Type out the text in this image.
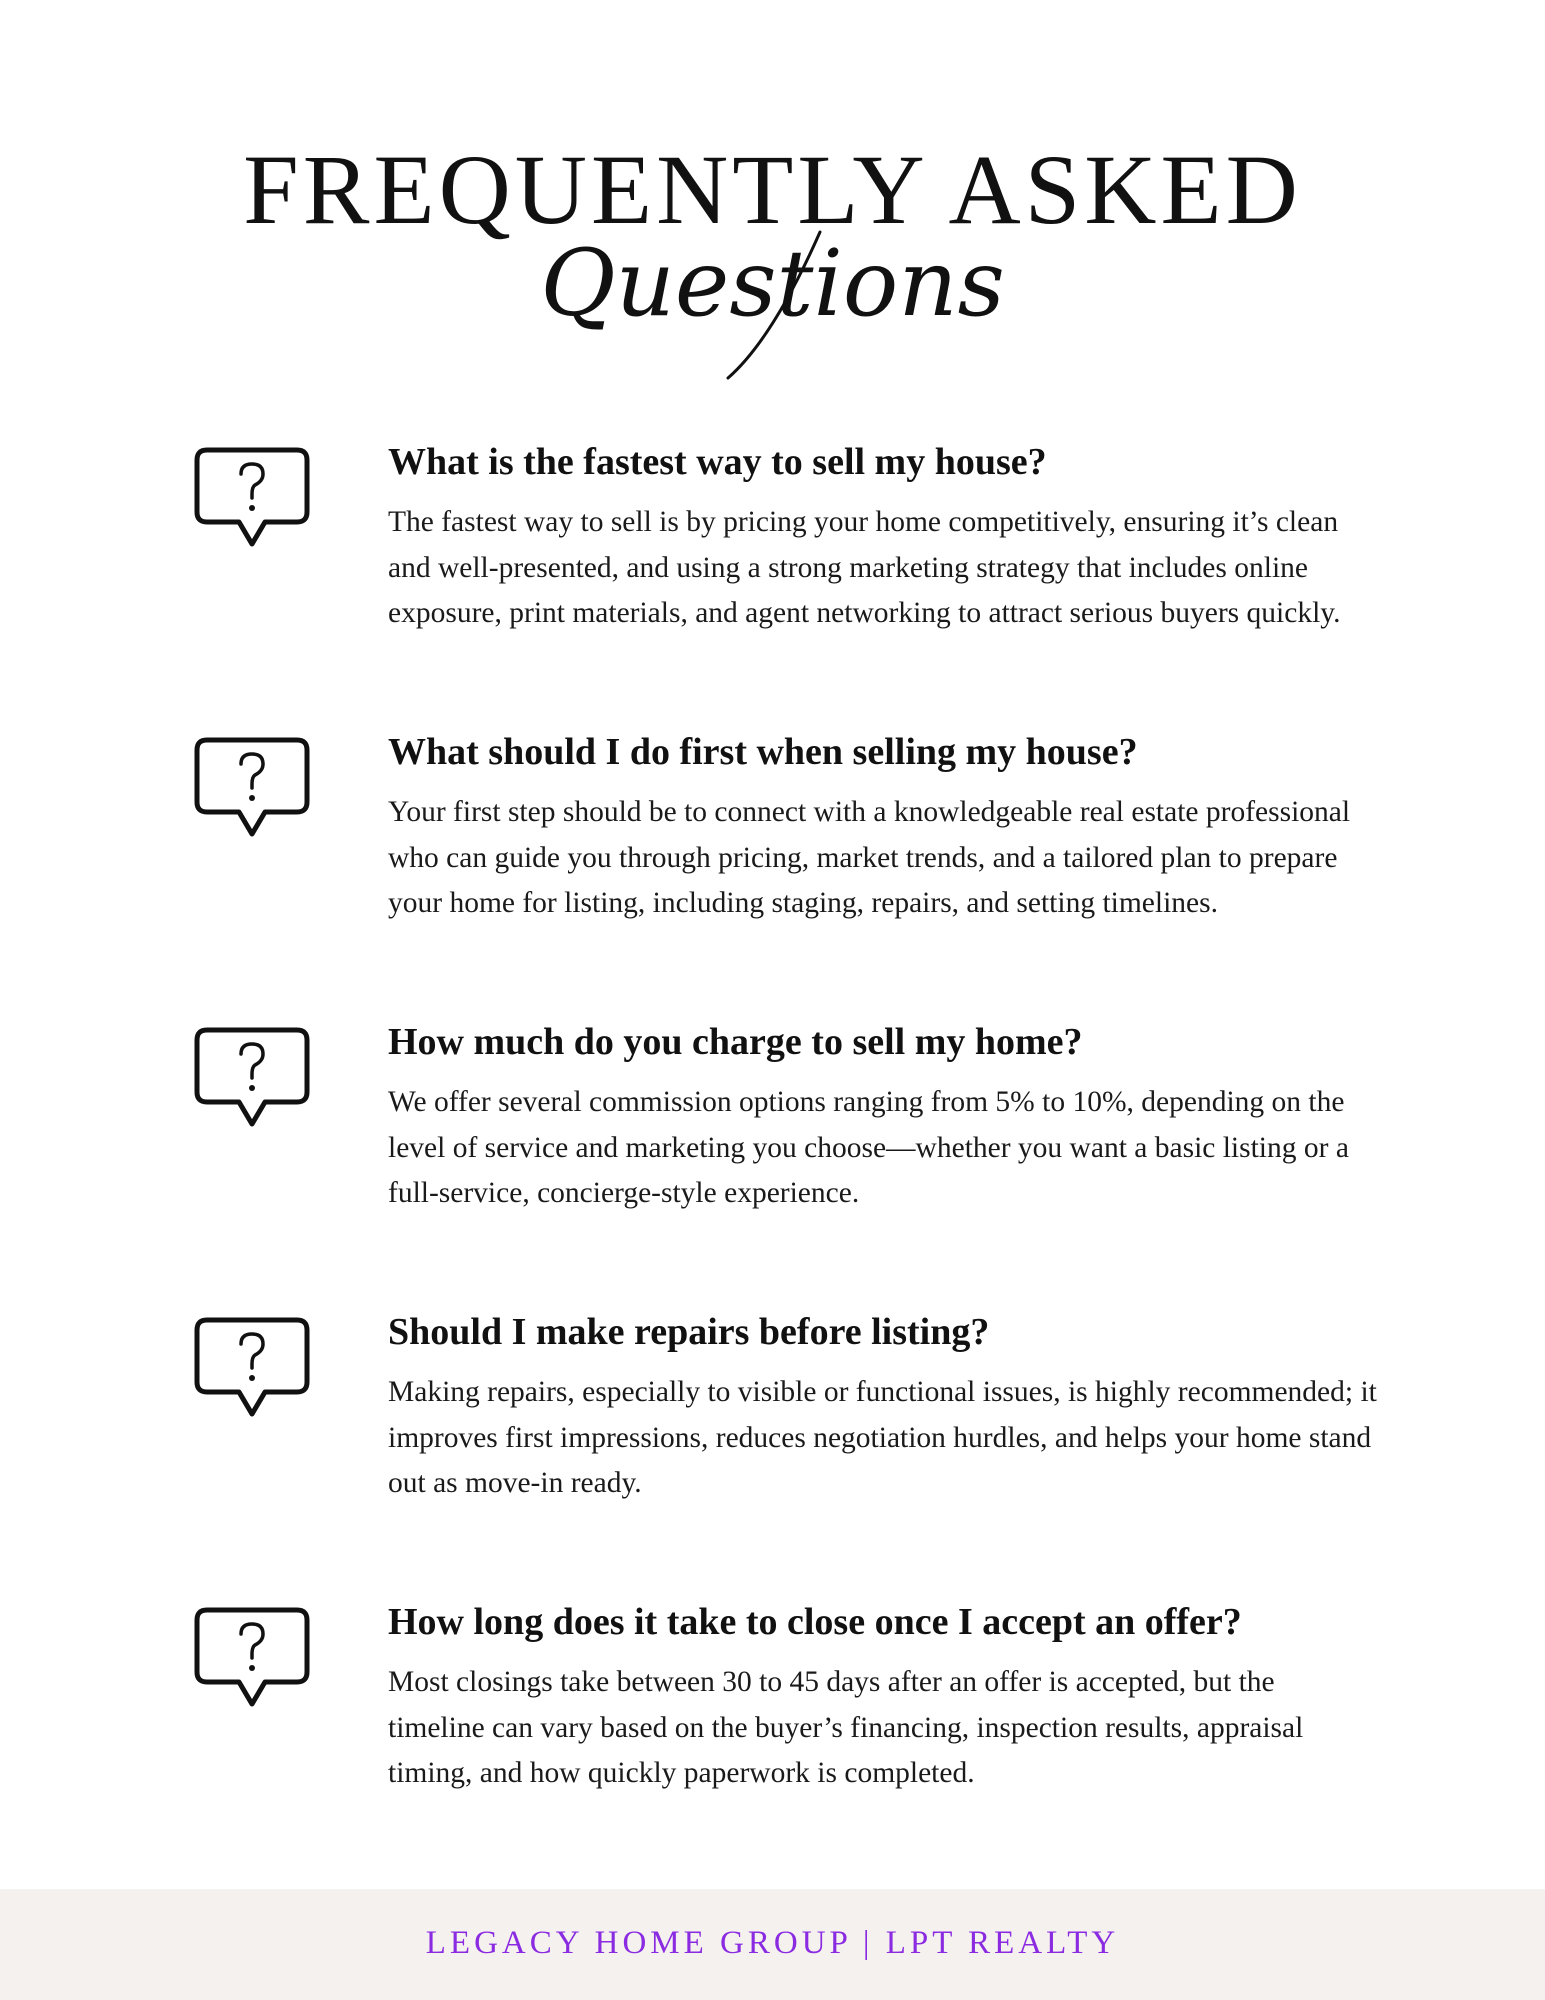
FREQUENTLY ASKED
Questions
What is the fastest way to sell my house?
The fastest way to sell is by pricing your home competitively, ensuring it’s clean and well-presented, and using a strong marketing strategy that includes online exposure, print materials, and agent networking to attract serious buyers quickly.
What should I do first when selling my house?
Your first step should be to connect with a knowledgeable real estate professional who can guide you through pricing, market trends, and a tailored plan to prepare your home for listing, including staging, repairs, and setting timelines.
How much do you charge to sell my home?
We offer several commission options ranging from 5% to 10%, depending on the level of service and marketing you choose—whether you want a basic listing or a full-service, concierge-style experience.
Should I make repairs before listing?
Making repairs, especially to visible or functional issues, is highly recommended; it improves first impressions, reduces negotiation hurdles, and helps your home stand out as move-in ready.
How long does it take to close once I accept an offer?
Most closings take between 30 to 45 days after an offer is accepted, but the timeline can vary based on the buyer’s financing, inspection results, appraisal timing, and how quickly paperwork is completed.
LEGACY HOME GROUP | LPT REALTY
